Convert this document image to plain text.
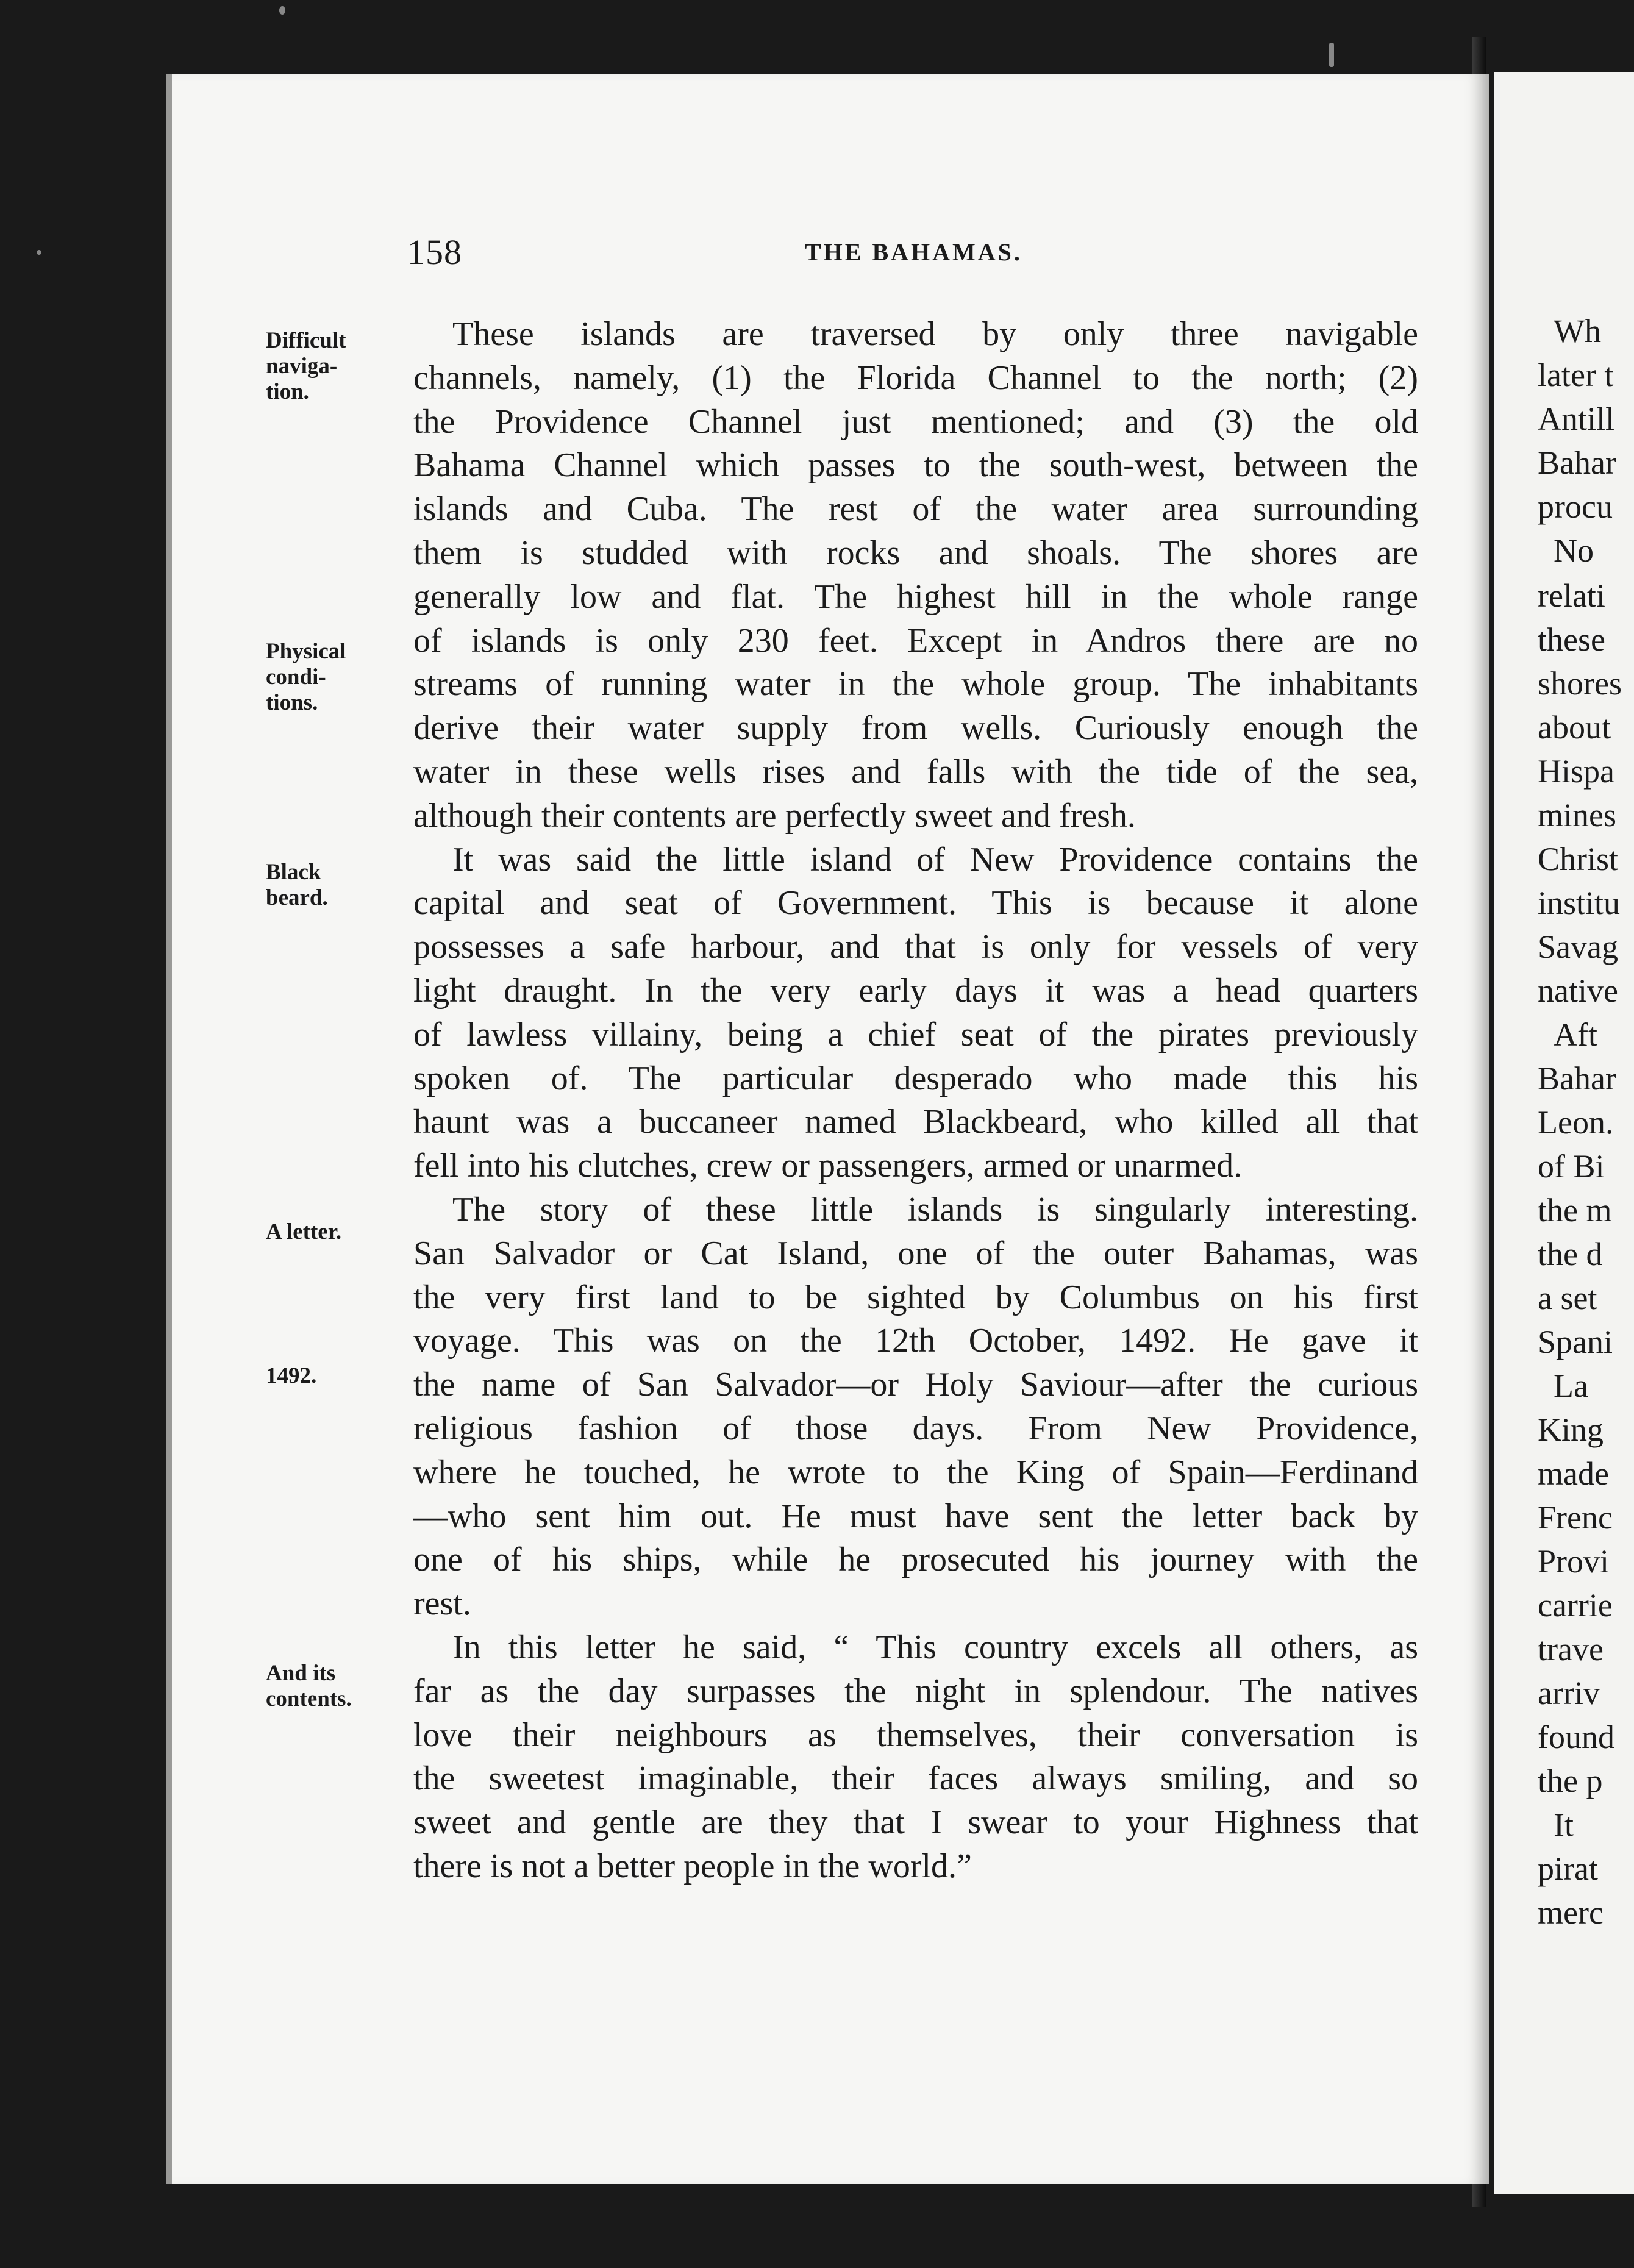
158	THE BAHAMAS.
Difficult
naviga-
tion.
Physical
condi-
tions.
Black
beard.
A letter.
1492.
And its
contents.
These islands are traversed by only three navigable
channels, namely, (1) the Florida Channel to the north; (2)
the Providence Channel just mentioned; and (3) the old
Bahama Channel which passes to the south-west, between the
islands and Cuba. The rest of the water area surrounding
them is studded with rocks and shoals. The shores are
generally low and flat. The highest hill in the whole range
of islands is only 230 feet. Except in Andros there are no
streams of running water in the whole group. The inhabitants
derive their water supply from wells. Curiously enough the
water in these wells rises and falls with the tide of the sea,
although their contents are perfectly sweet and fresh.
It was said the little island of New Providence contains the
capital and seat of Government. This is because it alone
possesses a safe harbour, and that is only for vessels of very
light draught. In the very early days it was a head quarters
of lawless villainy, being a chief seat of the pirates previously
spoken of. The particular desperado who made this his
haunt was a buccaneer named Blackbeard, who killed all that
fell into his clutches, crew or passengers, armed or unarmed.
The story of these little islands is singularly interesting.
San Salvador or Cat Island, one of the outer Bahamas, was
the very first land to be sighted by Columbus on his first
voyage. This was on the 12th October, 1492. He gave it
the name of San Salvador—or Holy Saviour—after the curious
religious fashion of those days. From New Providence,
where he touched, he wrote to the King of Spain—Ferdinand
—who sent him out. He must have sent the letter back by
one of his ships, while he prosecuted his journey with the
rest.
In this letter he said, “ This country excels all others, as
far as the day surpasses the night in splendour. The natives
love their neighbours as themselves, their conversation is
the sweetest imaginable, their faces always smiling, and so
sweet and gentle are they that I swear to your Highness that
there is not a better people in the world.”
Wh
later t
Antill
Bahar
procu
No
relati
these
shores
about
Hispa
mines
Christ
institu
Savag
native
Aft
Bahar
Leon.
of Bi
the m
the d
a set
Spani
La
King
made
Frenc
Provi
carrie
trave
arriv
found
the p
It
pirat
merc
